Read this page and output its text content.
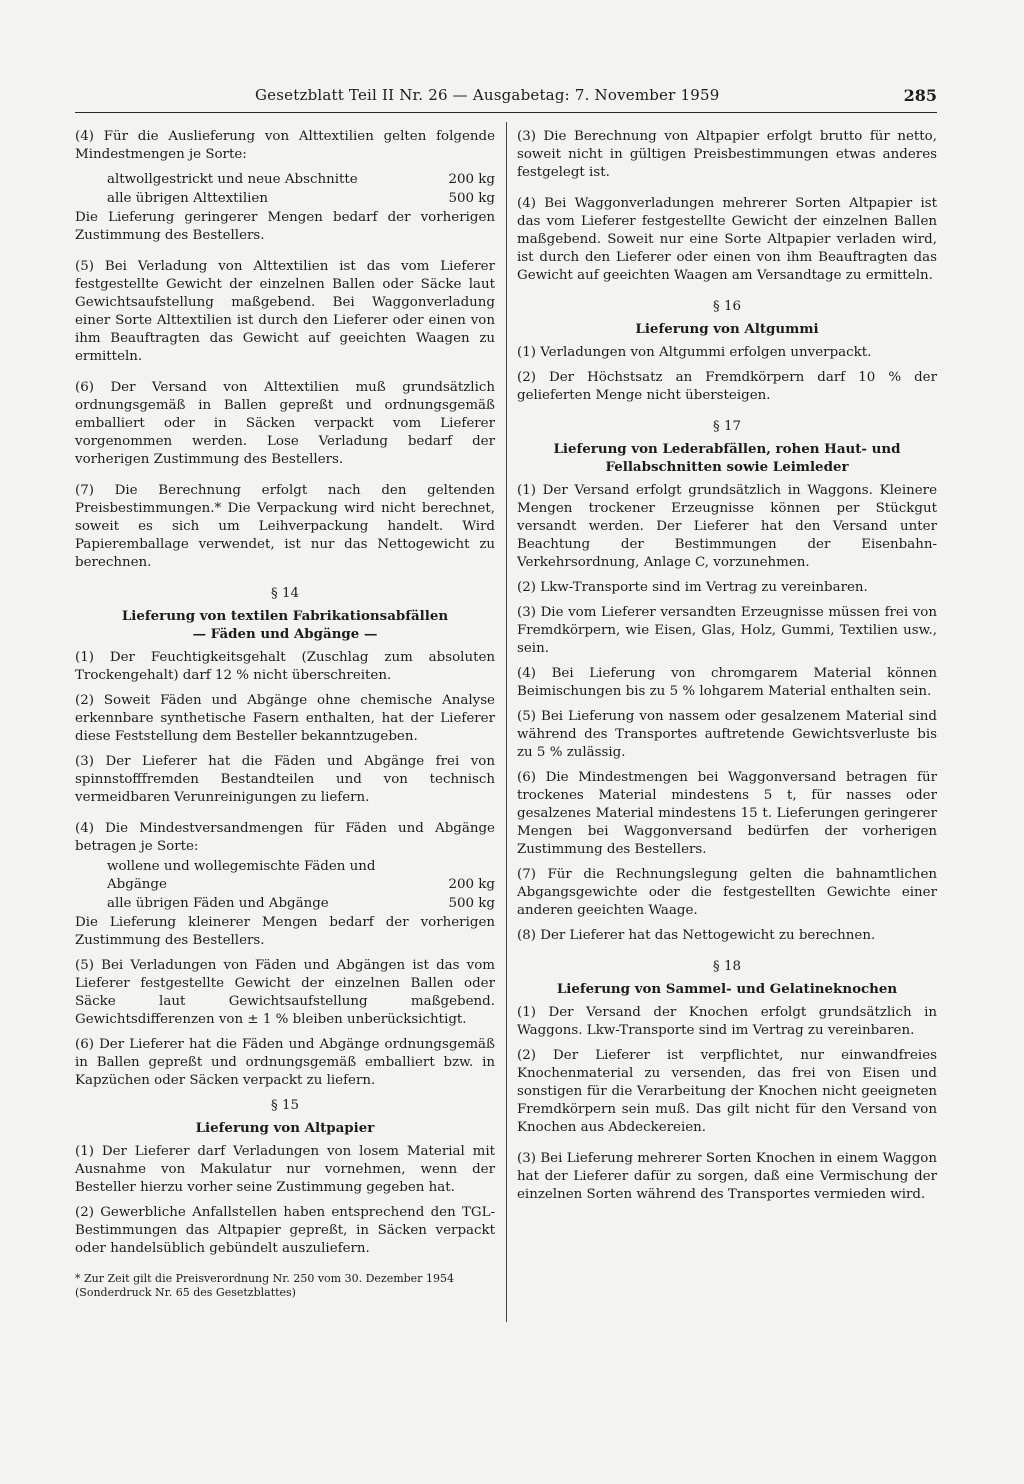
Gesetzblatt Teil II Nr. 26 — Ausgabetag: 7. November 1959	285

(4) Für die Auslieferung von Alttextilien gelten folgende Mindestmengen je Sorte:

altwollgestrickt und neue Abschnitte	200 kg
alle übrigen Alttextilien	500 kg

Die Lieferung geringerer Mengen bedarf der vorherigen Zustimmung des Bestellers.

(5) Bei Verladung von Alttextilien ist das vom Lieferer festgestellte Gewicht der einzelnen Ballen oder Säcke laut Gewichtsaufstellung maßgebend. Bei Waggonverladung einer Sorte Alttextilien ist durch den Lieferer oder einen von ihm Beauftragten das Gewicht auf geeichten Waagen zu ermitteln.

(6) Der Versand von Alttextilien muß grundsätzlich ordnungsgemäß in Ballen gepreßt und ordnungsgemäß emballiert oder in Säcken verpackt vom Lieferer vorgenommen werden. Lose Verladung bedarf der vorherigen Zustimmung des Bestellers.

(7) Die Berechnung erfolgt nach den geltenden Preisbestimmungen.* Die Verpackung wird nicht berechnet, soweit es sich um Leihverpackung handelt. Wird Papieremballage verwendet, ist nur das Nettogewicht zu berechnen.

§ 14
Lieferung von textilen Fabrikationsabfällen
— Fäden und Abgänge —

(1) Der Feuchtigkeitsgehalt (Zuschlag zum absoluten Trockengehalt) darf 12 % nicht überschreiten.

(2) Soweit Fäden und Abgänge ohne chemische Analyse erkennbare synthetische Fasern enthalten, hat der Lieferer diese Feststellung dem Besteller bekanntzugeben.

(3) Der Lieferer hat die Fäden und Abgänge frei von spinnstofffremden Bestandteilen und von technisch vermeidbaren Verunreinigungen zu liefern.

(4) Die Mindestversandmengen für Fäden und Abgänge betragen je Sorte:

wollene und wollegemischte Fäden und Abgänge	200 kg
alle übrigen Fäden und Abgänge	500 kg

Die Lieferung kleinerer Mengen bedarf der vorherigen Zustimmung des Bestellers.

(5) Bei Verladungen von Fäden und Abgängen ist das vom Lieferer festgestellte Gewicht der einzelnen Ballen oder Säcke laut Gewichtsaufstellung maßgebend. Gewichtsdifferenzen von ± 1 % bleiben unberücksichtigt.

(6) Der Lieferer hat die Fäden und Abgänge ordnungsgemäß in Ballen gepreßt und ordnungsgemäß emballiert bzw. in Kapzüchen oder Säcken verpackt zu liefern.

§ 15
Lieferung von Altpapier

(1) Der Lieferer darf Verladungen von losem Material mit Ausnahme von Makulatur nur vornehmen, wenn der Besteller hierzu vorher seine Zustimmung gegeben hat.

(2) Gewerbliche Anfallstellen haben entsprechend den TGL-Bestimmungen das Altpapier gepreßt, in Säcken verpackt oder handelsüblich gebündelt auszuliefern.

* Zur Zeit gilt die Preisverordnung Nr. 250 vom 30. Dezember 1954 (Sonderdruck Nr. 65 des Gesetzblattes)

(3) Die Berechnung von Altpapier erfolgt brutto für netto, soweit nicht in gültigen Preisbestimmungen etwas anderes festgelegt ist.

(4) Bei Waggonverladungen mehrerer Sorten Altpapier ist das vom Lieferer festgestellte Gewicht der einzelnen Ballen maßgebend. Soweit nur eine Sorte Altpapier verladen wird, ist durch den Lieferer oder einen von ihm Beauftragten das Gewicht auf geeichten Waagen am Versandtage zu ermitteln.

§ 16
Lieferung von Altgummi

(1) Verladungen von Altgummi erfolgen unverpackt.

(2) Der Höchstsatz an Fremdkörpern darf 10 % der gelieferten Menge nicht übersteigen.

§ 17
Lieferung von Lederabfällen, rohen Haut- und
Fellabschnitten sowie Leimleder

(1) Der Versand erfolgt grundsätzlich in Waggons. Kleinere Mengen trockener Erzeugnisse können per Stückgut versandt werden. Der Lieferer hat den Versand unter Beachtung der Bestimmungen der Eisenbahn-Verkehrsordnung, Anlage C, vorzunehmen.

(2) Lkw-Transporte sind im Vertrag zu vereinbaren.

(3) Die vom Lieferer versandten Erzeugnisse müssen frei von Fremdkörpern, wie Eisen, Glas, Holz, Gummi, Textilien usw., sein.

(4) Bei Lieferung von chromgarem Material können Beimischungen bis zu 5 % lohgarem Material enthalten sein.

(5) Bei Lieferung von nassem oder gesalzenem Material sind während des Transportes auftretende Gewichtsverluste bis zu 5 % zulässig.

(6) Die Mindestmengen bei Waggonversand betragen für trockenes Material mindestens 5 t, für nasses oder gesalzenes Material mindestens 15 t. Lieferungen geringerer Mengen bei Waggonversand bedürfen der vorherigen Zustimmung des Bestellers.

(7) Für die Rechnungslegung gelten die bahnamtlichen Abgangsgewichte oder die festgestellten Gewichte einer anderen geeichten Waage.

(8) Der Lieferer hat das Nettogewicht zu berechnen.

§ 18
Lieferung von Sammel- und Gelatineknochen

(1) Der Versand der Knochen erfolgt grundsätzlich in Waggons. Lkw-Transporte sind im Vertrag zu vereinbaren.

(2) Der Lieferer ist verpflichtet, nur einwandfreies Knochenmaterial zu versenden, das frei von Eisen und sonstigen für die Verarbeitung der Knochen nicht geeigneten Fremdkörpern sein muß. Das gilt nicht für den Versand von Knochen aus Abdeckereien.

(3) Bei Lieferung mehrerer Sorten Knochen in einem Waggon hat der Lieferer dafür zu sorgen, daß eine Vermischung der einzelnen Sorten während des Transportes vermieden wird.
